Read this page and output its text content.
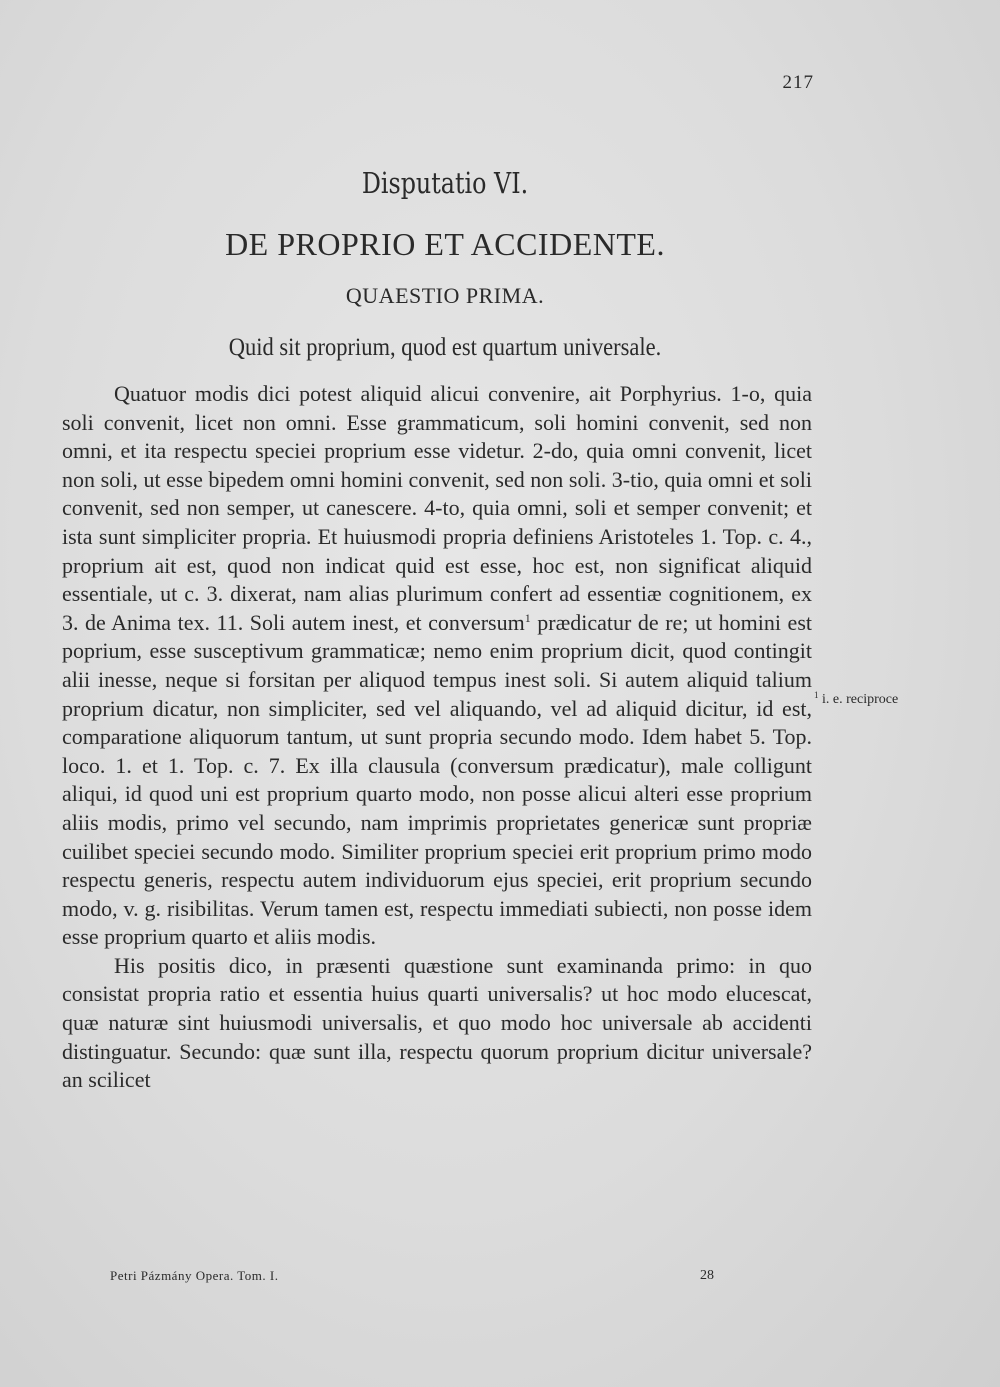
217
Disputatio VI.
DE PROPRIO ET ACCIDENTE.
QUAESTIO PRIMA.
Quid sit proprium, quod est quartum universale.

Quatuor modis dici potest aliquid alicui convenire, ait Porphyrius. 1-o, quia soli convenit, licet non omni. Esse grammaticum, soli homini convenit, sed non omni, et ita respectu speciei proprium esse videtur. 2-do, quia omni convenit, licet non soli, ut esse bipedem omni homini convenit, sed non soli. 3-tio, quia omni et soli convenit, sed non semper, ut canescere. 4-to, quia omni, soli et semper convenit; et ista sunt simpliciter propria. Et huiusmodi propria definiens Aristoteles 1. Top. c. 4., proprium ait est, quod non indicat quid est esse, hoc est, non significat aliquid essentiale, ut c. 3. dixerat, nam alias plurimum confert ad essentiæ cognitionem, ex 3. de Anima tex. 11. Soli autem inest, et conversum$^1$ prædicatur de re; ut homini est poprium, esse susceptivum grammaticæ; nemo enim proprium dicit, quod contingit alii inesse, neque si forsitan per aliquod tempus inest soli. Si autem aliquid talium proprium dicatur, non simpliciter, sed vel aliquando, vel ad aliquid dicitur, id est, comparatione aliquorum tantum, ut sunt propria secundo modo. Idem habet 5. Top. loco. 1. et 1. Top. c. 7. Ex illa clausula (conversum prædicatur), male colligunt aliqui, id quod uni est proprium quarto modo, non posse alicui alteri esse proprium aliis modis, primo vel secundo, nam imprimis proprietates genericæ sunt propriæ cuilibet speciei secundo modo. Similiter proprium speciei erit proprium primo modo respectu generis, respectu autem individuorum ejus speciei, erit proprium secundo modo, v. g. risibilitas. Verum tamen est, respectu immediati subiecti, non posse idem esse proprium quarto et aliis modis.

His positis dico, in præsenti quæstione sunt examinanda primo: in quo consistat propria ratio et essentia huius quarti universalis? ut hoc modo elucescat, quæ naturæ sint huiusmodi universalis, et quo modo hoc universale ab accidenti distinguatur. Secundo: quæ sunt illa, respectu quorum proprium dicitur universale? an scilicet

$^1$ i. e. reciproce
Petri Pázmány Opera. Tom. I.	28
